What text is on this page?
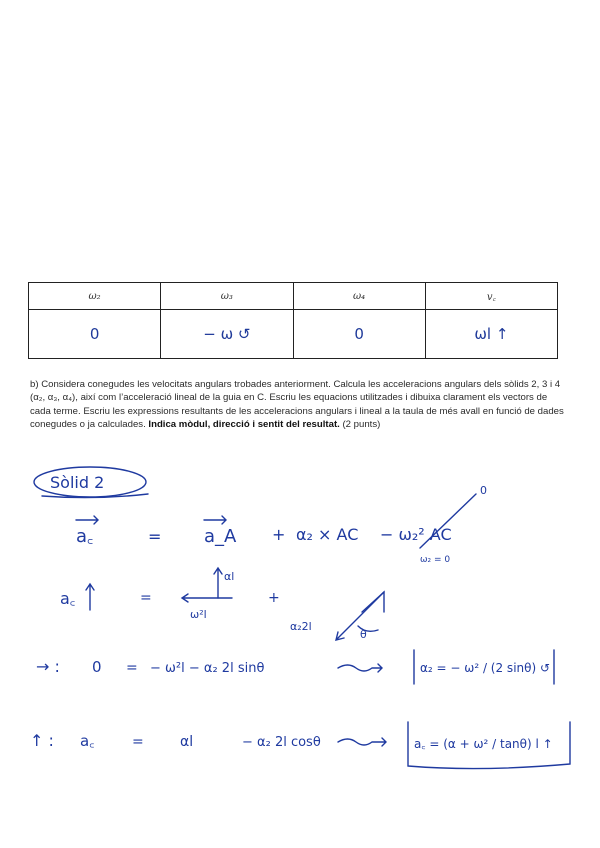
ω₂	ω₃	ω₄	v꜀
0	− ω ↺	0	ωl ↑
b) Considera conegudes les velocitats angulars trobades anteriorment. Calcula les acceleracions angulars dels sòlids 2, 3 i 4 (α₂, α₃, α₄), així com l’acceleració lineal de la guia en C. Escriu les equacions utilitzades i dibuixa clarament els vectors de cada terme. Escriu les expressions resultants de les acceleracions angulars i lineal a la taula de més avall en funció de dades conegudes o ja calculades. Indica mòdul, direcció i sentit del resultat. (2 punts)
Sòlid 2
a꜀	= a_A + α₂ × AC − ω₂² AC
0
ω₂ = 0
a꜀	=
αl
ω²l
+
α₂2l
θ
→ : 0 = − ω²l − α₂ 2l sinθ	α₂ = − ω² / (2 sinθ) ↺
↑ : a꜀	=	αl	− α₂ 2l cosθ	a꜀ = (α + ω² / tanθ) l ↑
